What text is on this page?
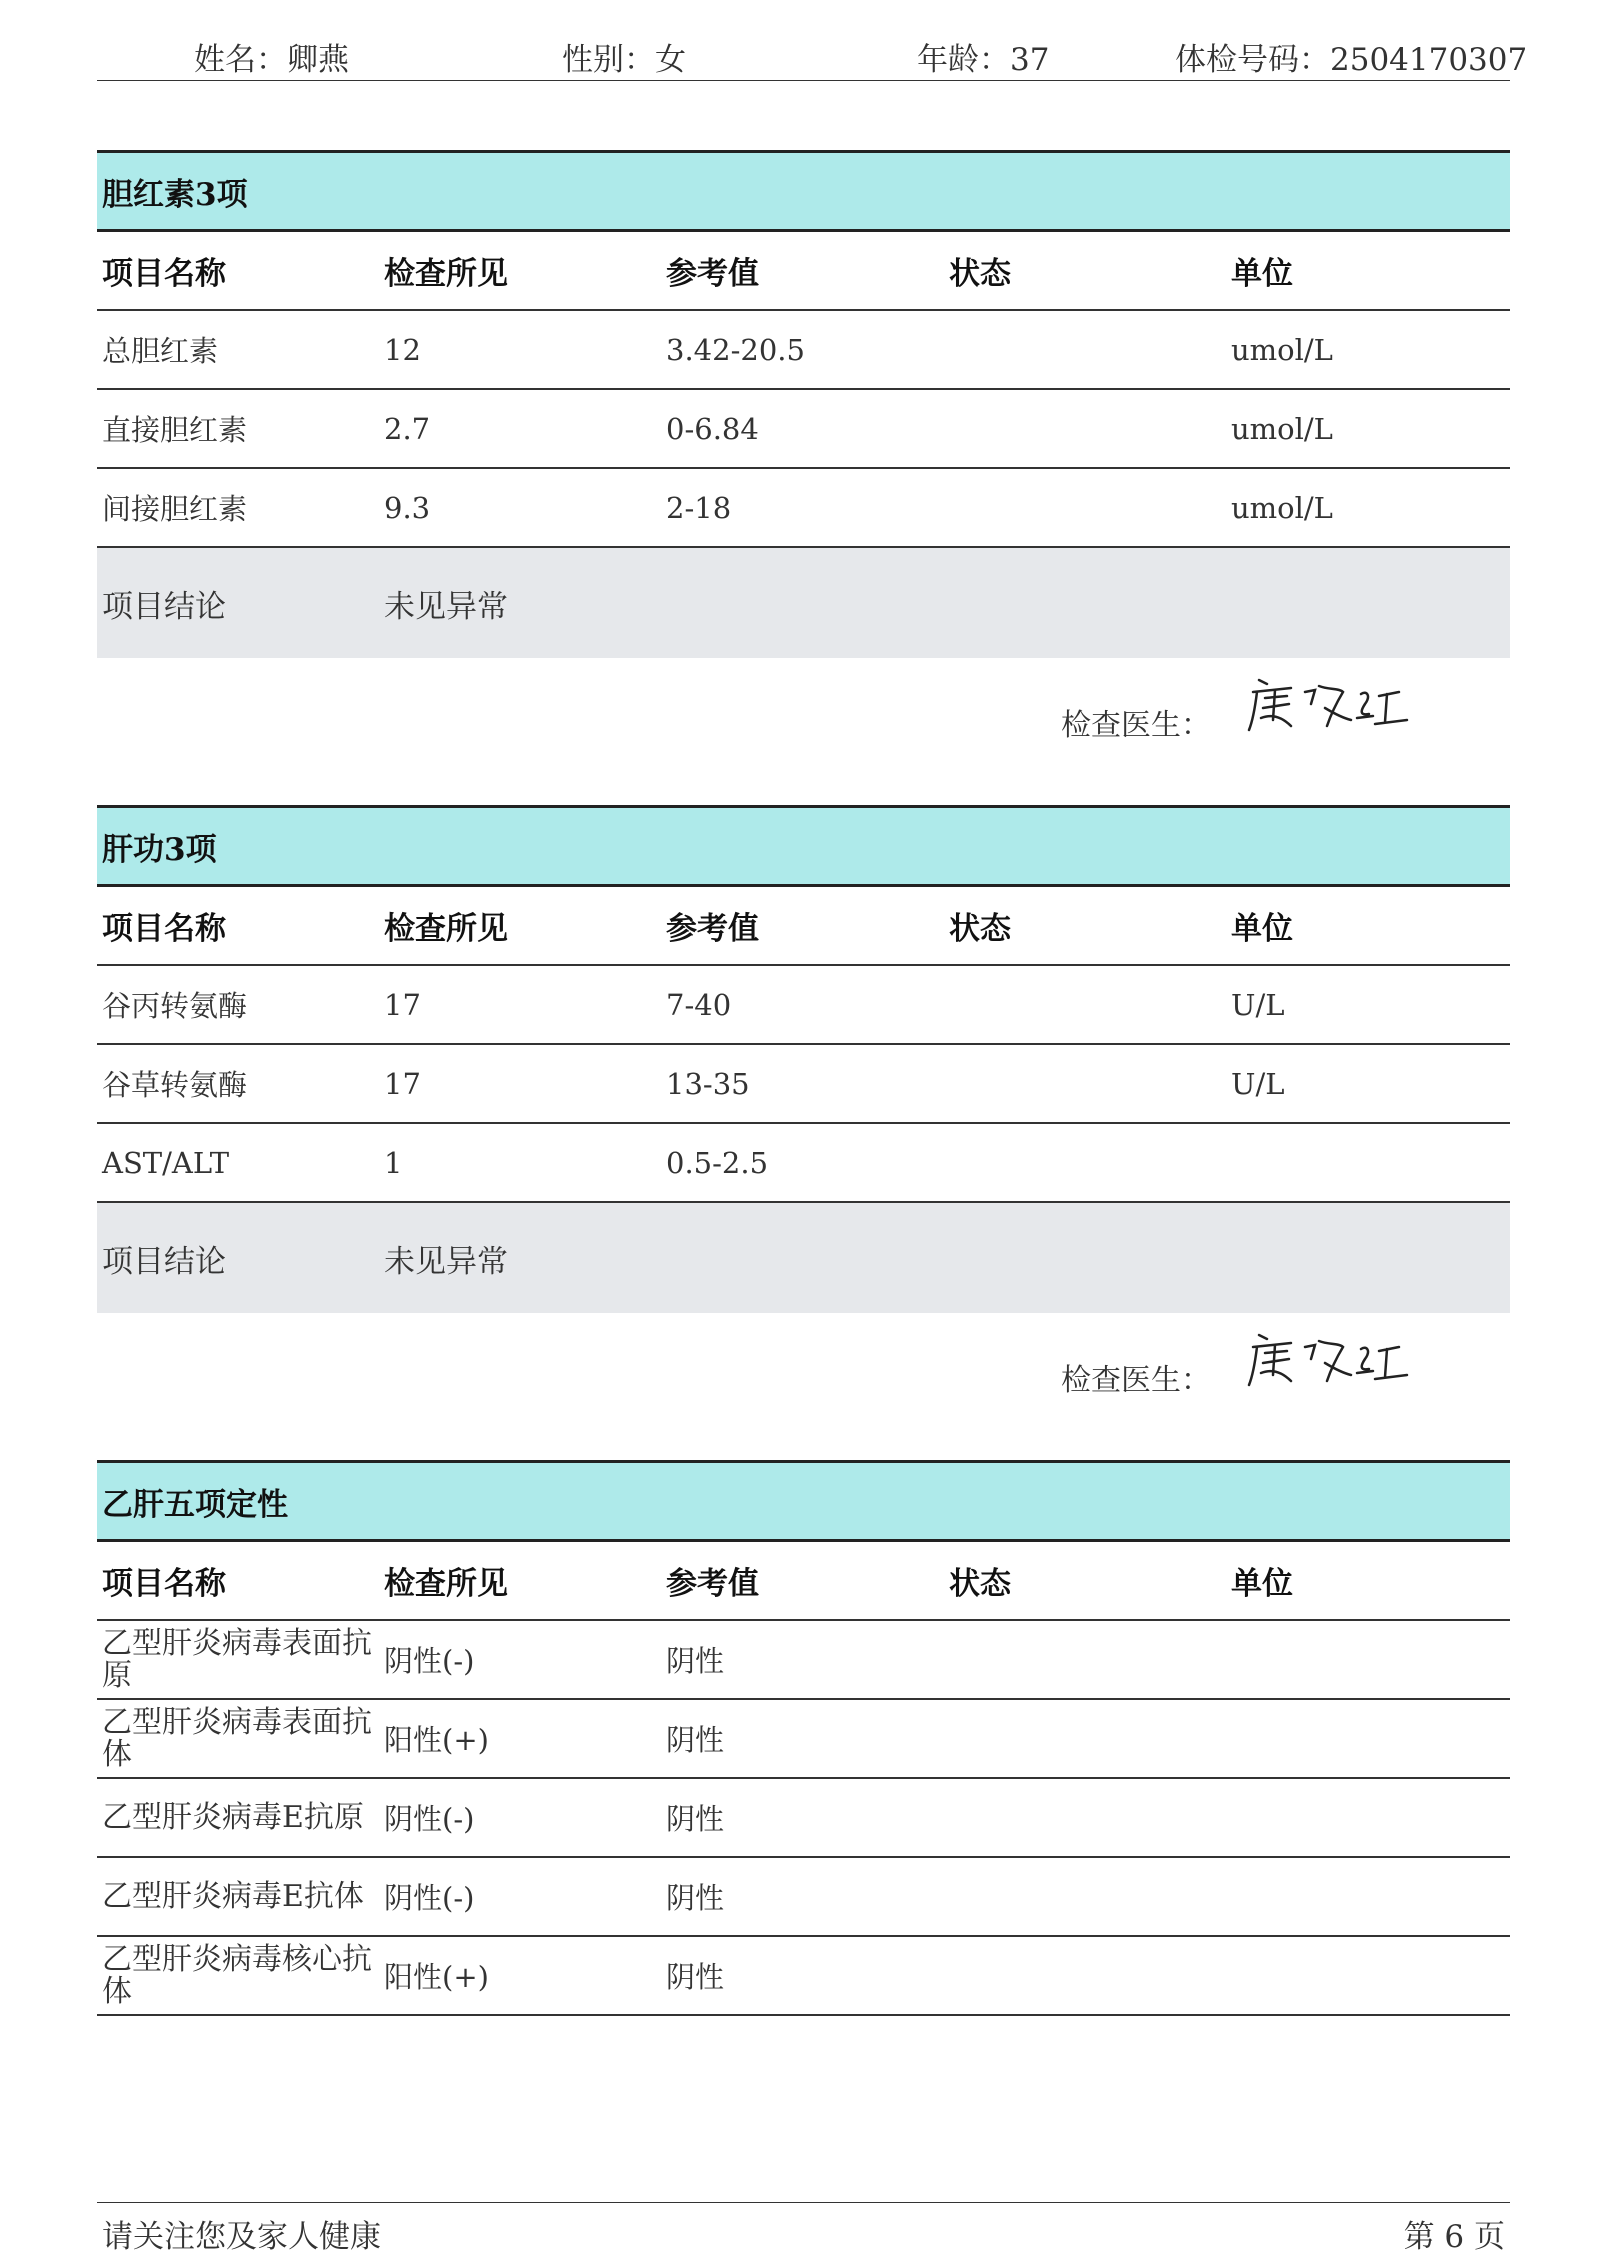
姓名：卿燕	性别：女	年龄：37	体检号码：2504170307
胆红素3项
项目名称	检查所见	参考值	状态	单位
总胆红素	12	3.42-20.5	umol/L
直接胆红素	2.7	0-6.84	umol/L
间接胆红素	9.3	2-18	umol/L
项目结论	未见异常
检查医生：
肝功3项
项目名称	检查所见	参考值	状态	单位
谷丙转氨酶	17	7-40	U/L
谷草转氨酶	17	13-35	U/L
AST/ALT	1	0.5-2.5
项目结论	未见异常
检查医生：
乙肝五项定性
项目名称	检查所见	参考值	状态	单位
乙型肝炎病毒表面抗原	阴性(-)	阴性
乙型肝炎病毒表面抗体	阳性(+)	阴性
乙型肝炎病毒E抗原 阴性(-)	阴性
乙型肝炎病毒E抗体 阴性(-)	阴性
乙型肝炎病毒核心抗体	阳性(+)	阴性
请关注您及家人健康	第 6 页
